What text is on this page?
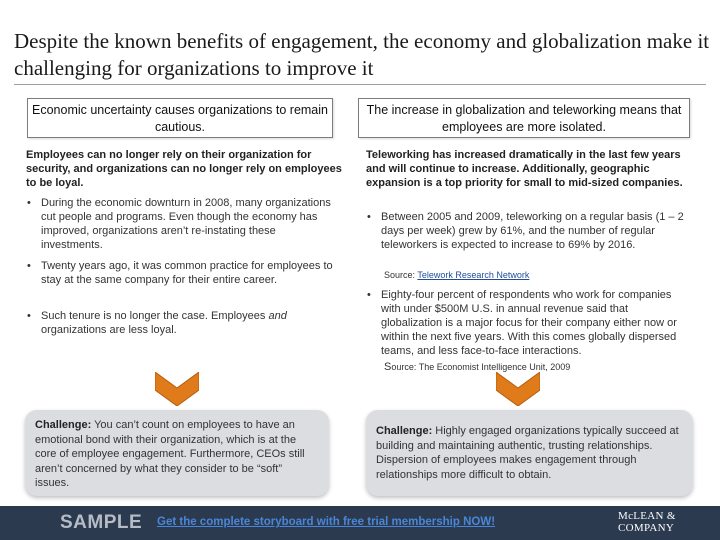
Despite the known benefits of engagement, the economy and globalization make it challenging for organizations to improve it
Economic uncertainty causes organizations to remain cautious.
Employees can no longer rely on their organization for security, and organizations can no longer rely on employees to be loyal.
• During the economic downturn in 2008, many organizations cut people and programs. Even though the economy has improved, organizations aren’t re-instating these investments.
• Twenty years ago, it was common practice for employees to stay at the same company for their entire career.
• Such tenure is no longer the case. Employees and organizations are less loyal.
The increase in globalization and teleworking means that employees are more isolated.
Teleworking has increased dramatically in the last few years and will continue to increase. Additionally, geographic expansion is a top priority for small to mid-sized companies.
• Between 2005 and 2009, teleworking on a regular basis (1 – 2 days per week) grew by 61%, and the number of regular teleworkers is expected to increase to 69% by 2016.
Source: Telework Research Network
• Eighty-four percent of respondents who work for companies with under $500M U.S. in annual revenue said that globalization is a major focus for their company either now or within the next five years. With this comes globally dispersed teams, and less face-to-face interactions.
Source: The Economist Intelligence Unit, 2009
Challenge: You can’t count on employees to have an emotional bond with their organization, which is at the core of employee engagement. Furthermore, CEOs still aren’t concerned by what they consider to be “soft” issues.
Challenge: Highly engaged organizations typically succeed at building and maintaining authentic, trusting relationships. Dispersion of employees makes engagement through relationships more difficult to obtain.
SAMPLE Get the complete storyboard with free trial membership NOW!	McLEAN &
COMPANY
